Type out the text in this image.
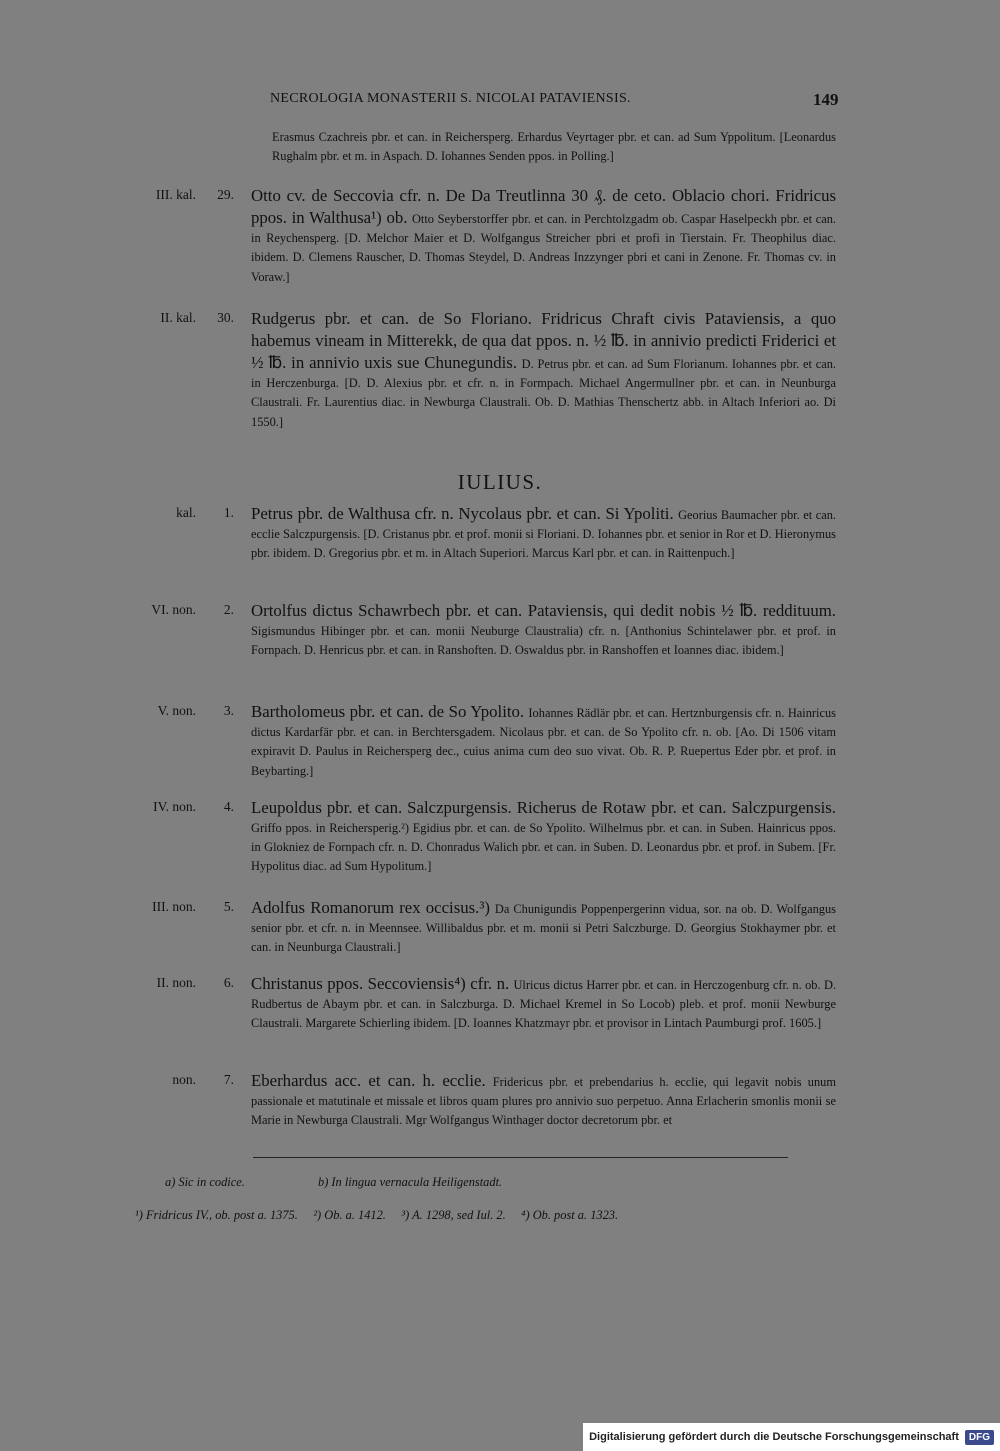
NECROLOGIA MONASTERII S. NICOLAI PATAVIENSIS.	149
Erasmus Czachreis pbr. et can. in Reichersperg. Erhardus Veyrtager pbr. et can. ad Sum Yppolitum. [Leonardus Rughalm pbr. et m. in Aspach. D. Iohannes Senden ppos. in Polling.]
III. kal.	29. Otto cv. de Seccovia cfr. n. De Da Treutlinna 30 ₰. de ceto. Oblacio chori. Fridricus ppos. in Walthusa¹) ob. Otto Seyberstorffer pbr. et can. in Perchtolzgadm ob. Caspar Haselpeckh pbr. et can. in Reychensperg. [D. Melchor Maier et D. Wolfgangus Streicher pbri et profi in Tierstain. Fr. Theophilus diac. ibidem. D. Clemens Rauscher, D. Thomas Steydel, D. Andreas Inzzynger pbri et cani in Zenone. Fr. Thomas cv. in Voraw.]
II. kal.	30. Rudgerus pbr. et can. de So Floriano. Fridricus Chraft civis Pataviensis, a quo habemus vineam in Mitterekk, de qua dat ppos. n. ½ ℔. in annivio predicti Friderici et ½ ℔. in annivio uxis sue Chunegundis. D. Petrus pbr. et can. ad Sum Florianum. Iohannes pbr. et can. in Herczenburga. [D. D. Alexius pbr. et cfr. n. in Formpach. Michael Angermullner pbr. et can. in Neunburga Claustrali. Fr. Laurentius diac. in Newburga Claustrali. Ob. D. Mathias Thenschertz abb. in Altach Inferiori ao. Di 1550.]
IULIUS.
kal.	1. Petrus pbr. de Walthusa cfr. n. Nycolaus pbr. et can. Si Ypoliti. Georius Baumacher pbr. et can. ecclie Salczpurgensis. [D. Cristanus pbr. et prof. monii si Floriani. D. Iohannes pbr. et senior in Ror et D. Hieronymus pbr. ibidem. D. Gregorius pbr. et m. in Altach Superiori. Marcus Karl pbr. et can. in Raittenpuch.]
VI. non.	2. Ortolfus dictus Schawrbech pbr. et can. Pataviensis, qui dedit nobis ½ ℔. reddituum. Sigismundus Hibinger pbr. et can. monii Neuburge Claustralia) cfr. n. [Anthonius Schintelawer pbr. et prof. in Fornpach. D. Henricus pbr. et can. in Ranshoften. D. Oswaldus pbr. in Ranshoffen et Ioannes diac. ibidem.]
V. non.	3. Bartholomeus pbr. et can. de So Ypolito. Iohannes Rädlär pbr. et can. Hertznburgensis cfr. n. Hainricus dictus Kardarfär pbr. et can. in Berchtersgadem. Nicolaus pbr. et can. de So Ypolito cfr. n. ob. [Ao. Di 1506 vitam expiravit D. Paulus in Reichersperg dec., cuius anima cum deo suo vivat. Ob. R. P. Ruepertus Eder pbr. et prof. in Beybarting.]
IV. non.	4. Leupoldus pbr. et can. Salczpurgensis. Richerus de Rotaw pbr. et can. Salczpurgensis. Griffo ppos. in Reichersperig.²) Egidius pbr. et can. de So Ypolito. Wilhelmus pbr. et can. in Suben. Hainricus ppos. in Glokniez de Fornpach cfr. n. D. Chonradus Walich pbr. et can. in Suben. D. Leonardus pbr. et prof. in Subem. [Fr. Hypolitus diac. ad Sum Hypolitum.]
III. non.	5. Adolfus Romanorum rex occisus.³) Da Chunigundis Poppenpergerinn vidua, sor. na ob. D. Wolfgangus senior pbr. et cfr. n. in Meennsee. Willibaldus pbr. et m. monii si Petri Salczburge. D. Georgius Stokhaymer pbr. et can. in Neunburga Claustrali.]
II. non.	6. Christanus ppos. Seccoviensis⁴) cfr. n. Ulricus dictus Harrer pbr. et can. in Herczogenburg cfr. n. ob. D. Rudbertus de Abaym pbr. et can. in Salczburga. D. Michael Kremel in So Locob) pleb. et prof. monii Newburge Claustrali. Margarete Schierling ibidem. [D. Ioannes Khatzmayr pbr. et provisor in Lintach Paumburgi prof. 1605.]
non.	7. Eberhardus acc. et can. h. ecclie. Fridericus pbr. et prebendarius h. ecclie, qui legavit nobis unum passionale et matutinale et missale et libros quam plures pro annivio suo perpetuo. Anna Erlacherin smonlis monii se Marie in Newburga Claustrali. Mgr Wolfgangus Winthager doctor decretorum pbr. et
a) Sic in codice.	b) In lingua vernacula Heiligenstadt.
¹) Fridricus IV., ob. post a. 1375.     ²) Ob. a. 1412.     ³) A. 1298, sed Iul. 2.     ⁴) Ob. post a. 1323.
Digitalisierung gefördert durch die Deutsche Forschungsgemeinschaft	DFG
